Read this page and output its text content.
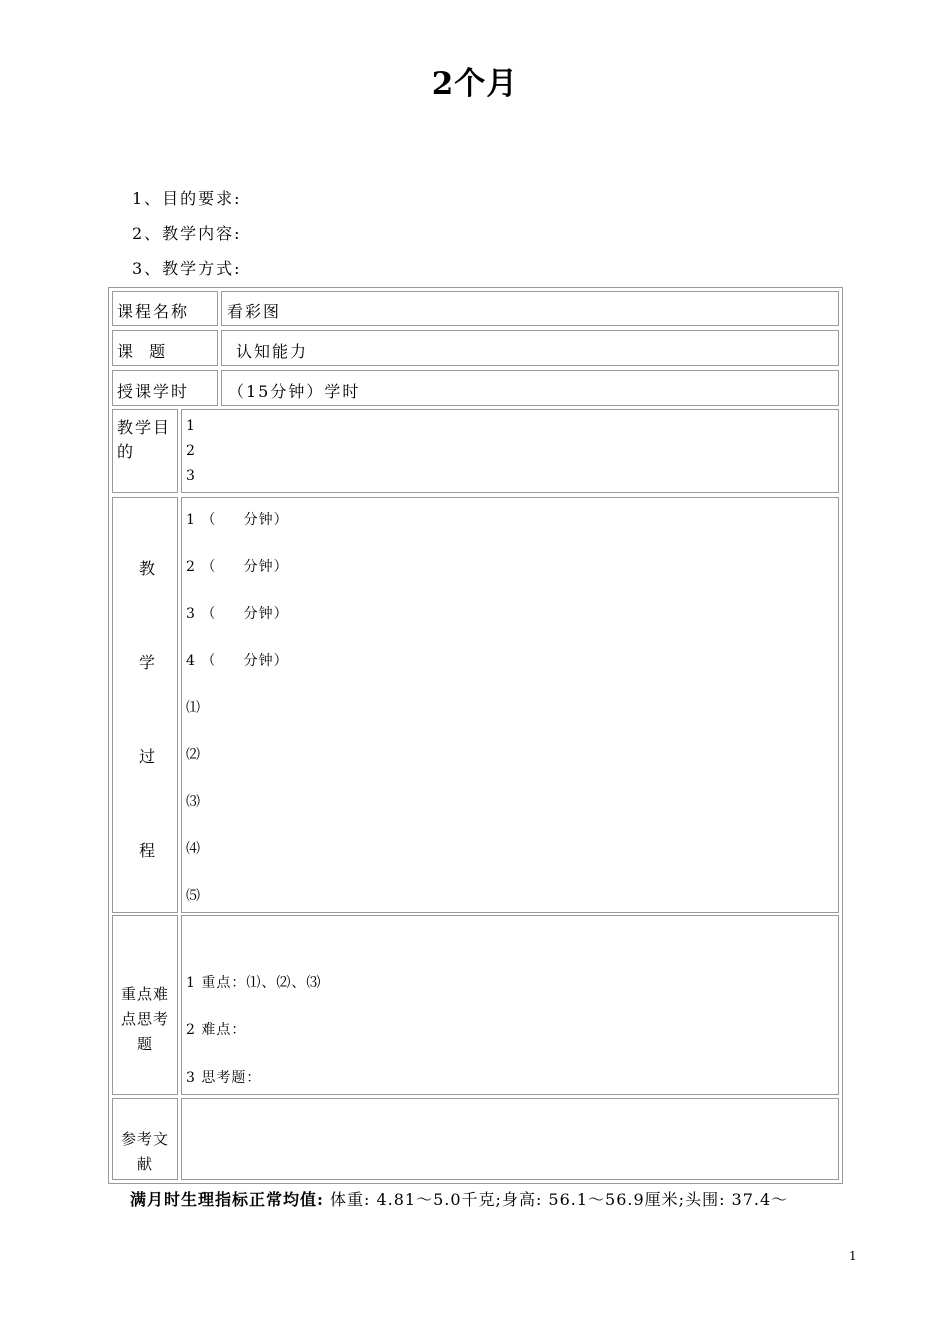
2个月
1、目的要求:
2、教学内容:
3、教学方式:
课程名称 看彩图
课  题	认知能力
授课学时 （15分钟）学时
教学目的
1
2
3
教
学
过
程
1 （     分钟）
2 （     分钟）
3 （     分钟）
4 （     分钟）
⑴
⑵
⑶
⑷
⑸
重点难点思考题
1 重点：⑴、⑵、⑶
2 难点：
3 思考题：
参考文献
满月时生理指标正常均值: 体重: 4.81～5.0千克;身高: 56.1～56.9厘米;头围: 37.4～
1
